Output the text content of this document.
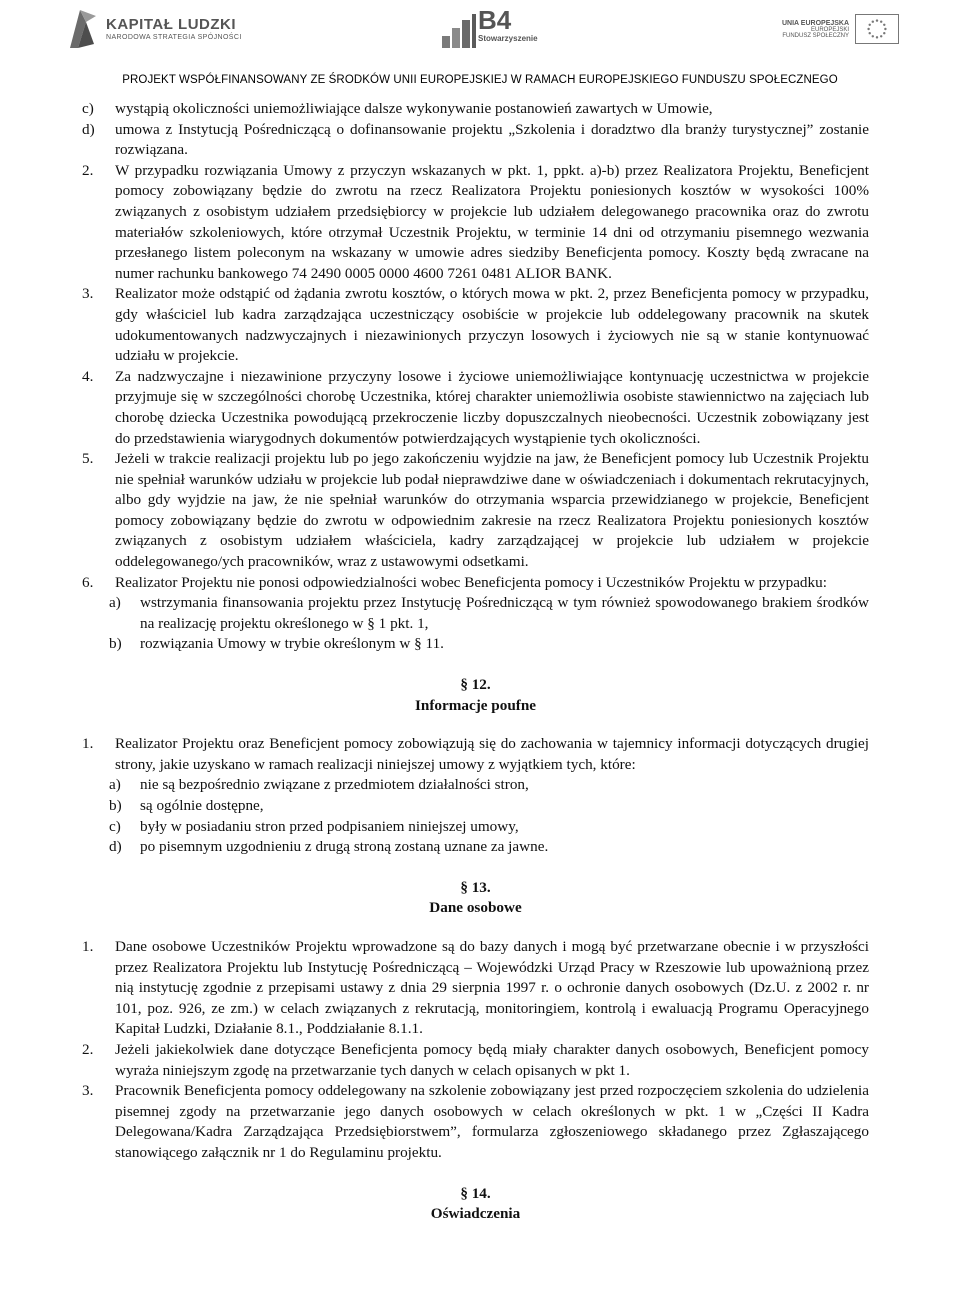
KAPITAŁ LUDZKI
NARODOWA STRATEGIA SPÓJNOŚCI
B4
Stowarzyszenie
UNIA EUROPEJSKA
EUROPEJSKI
FUNDUSZ SPOŁECZNY
PROJEKT WSPÓŁFINANSOWANY ZE ŚRODKÓW UNII EUROPEJSKIEJ W RAMACH EUROPEJSKIEGO FUNDUSZU SPOŁECZNEGO
c) wystąpią okoliczności uniemożliwiające dalsze wykonywanie postanowień zawartych w Umowie,

d) umowa z Instytucją Pośredniczącą o dofinansowanie projektu „Szkolenia i doradztwo dla branży turystycznej” zostanie rozwiązana.

2. W przypadku rozwiązania Umowy z przyczyn wskazanych w pkt. 1, ppkt. a)-b) przez Realizatora Projektu, Beneficjent pomocy zobowiązany będzie do zwrotu na rzecz Realizatora Projektu poniesionych kosztów w wysokości 100% związanych z osobistym udziałem przedsiębiorcy w projekcie lub udziałem delegowanego pracownika oraz do zwrotu materiałów szkoleniowych, które otrzymał Uczestnik Projektu, w terminie 14 dni od otrzymaniu pisemnego wezwania przesłanego listem poleconym na wskazany w umowie adres siedziby Beneficjenta pomocy. Koszty będą zwracane na numer rachunku bankowego 74 2490 0005 0000 4600 7261 0481 ALIOR BANK.

3. Realizator może odstąpić od żądania zwrotu kosztów, o których mowa w pkt. 2, przez Beneficjenta pomocy w przypadku, gdy właściciel lub kadra zarządzająca uczestniczący osobiście w projekcie lub oddelegowany pracownik na skutek udokumentowanych nadzwyczajnych i niezawinionych przyczyn losowych i życiowych nie są w stanie kontynuować udziału w projekcie.

4. Za nadzwyczajne i niezawinione przyczyny losowe i życiowe uniemożliwiające kontynuację uczestnictwa w projekcie przyjmuje się w szczególności chorobę Uczestnika, której charakter uniemożliwia osobiste stawiennictwo na zajęciach lub chorobę dziecka Uczestnika powodującą przekroczenie liczby dopuszczalnych nieobecności. Uczestnik zobowiązany jest do przedstawienia wiarygodnych dokumentów potwierdzających wystąpienie tych okoliczności.

5. Jeżeli w trakcie realizacji projektu lub po jego zakończeniu wyjdzie na jaw, że Beneficjent pomocy lub Uczestnik Projektu nie spełniał warunków udziału w projekcie lub podał nieprawdziwe dane w oświadczeniach i dokumentach rekrutacyjnych, albo gdy wyjdzie na jaw, że nie spełniał warunków do otrzymania wsparcia przewidzianego w projekcie, Beneficjent pomocy zobowiązany będzie do zwrotu w odpowiednim zakresie na rzecz Realizatora Projektu poniesionych kosztów związanych z osobistym udziałem właściciela, kadry zarządzającej w projekcie lub udziałem w projekcie oddelegowanego/ych pracowników, wraz z ustawowymi odsetkami.

6. Realizator Projektu nie ponosi odpowiedzialności wobec Beneficjenta pomocy i Uczestników Projektu w przypadku:

a) wstrzymania finansowania projektu przez Instytucję Pośredniczącą w tym również spowodowanego brakiem środków na realizację projektu określonego w § 1 pkt. 1,

b) rozwiązania Umowy w trybie określonym w § 11.

§ 12.
Informacje poufne
1. Realizator Projektu oraz Beneficjent pomocy zobowiązują się do zachowania w tajemnicy informacji dotyczących drugiej strony, jakie uzyskano w ramach realizacji niniejszej umowy z wyjątkiem tych, które:

a) nie są bezpośrednio związane z przedmiotem działalności stron,

b) są ogólnie dostępne,

c) były w posiadaniu stron przed podpisaniem niniejszej umowy,

d) po pisemnym uzgodnieniu z drugą stroną zostaną uznane za jawne.

§ 13.
Dane osobowe
1. Dane osobowe Uczestników Projektu wprowadzone są do bazy danych i mogą być przetwarzane obecnie i w przyszłości przez Realizatora Projektu lub Instytucję Pośredniczącą – Wojewódzki Urząd Pracy w Rzeszowie lub upoważnioną przez nią instytucję zgodnie z przepisami ustawy z dnia 29 sierpnia 1997 r. o ochronie danych osobowych (Dz.U. z 2002 r. nr 101, poz. 926, ze zm.) w celach związanych z rekrutacją, monitoringiem, kontrolą i ewaluacją Programu Operacyjnego Kapitał Ludzki, Działanie 8.1., Poddziałanie 8.1.1.

2. Jeżeli jakiekolwiek dane dotyczące Beneficjenta pomocy będą miały charakter danych osobowych, Beneficjent pomocy wyraża niniejszym zgodę na przetwarzanie tych danych w celach opisanych w pkt 1.

3. Pracownik Beneficjenta pomocy oddelegowany na szkolenie zobowiązany jest przed rozpoczęciem szkolenia do udzielenia pisemnej zgody na przetwarzanie jego danych osobowych w celach określonych w pkt. 1 w „Części II Kadra Delegowana/Kadra Zarządzająca Przedsiębiorstwem”, formularza zgłoszeniowego składanego przez Zgłaszającego stanowiącego załącznik nr 1 do Regulaminu projektu.

§ 14.
Oświadczenia
